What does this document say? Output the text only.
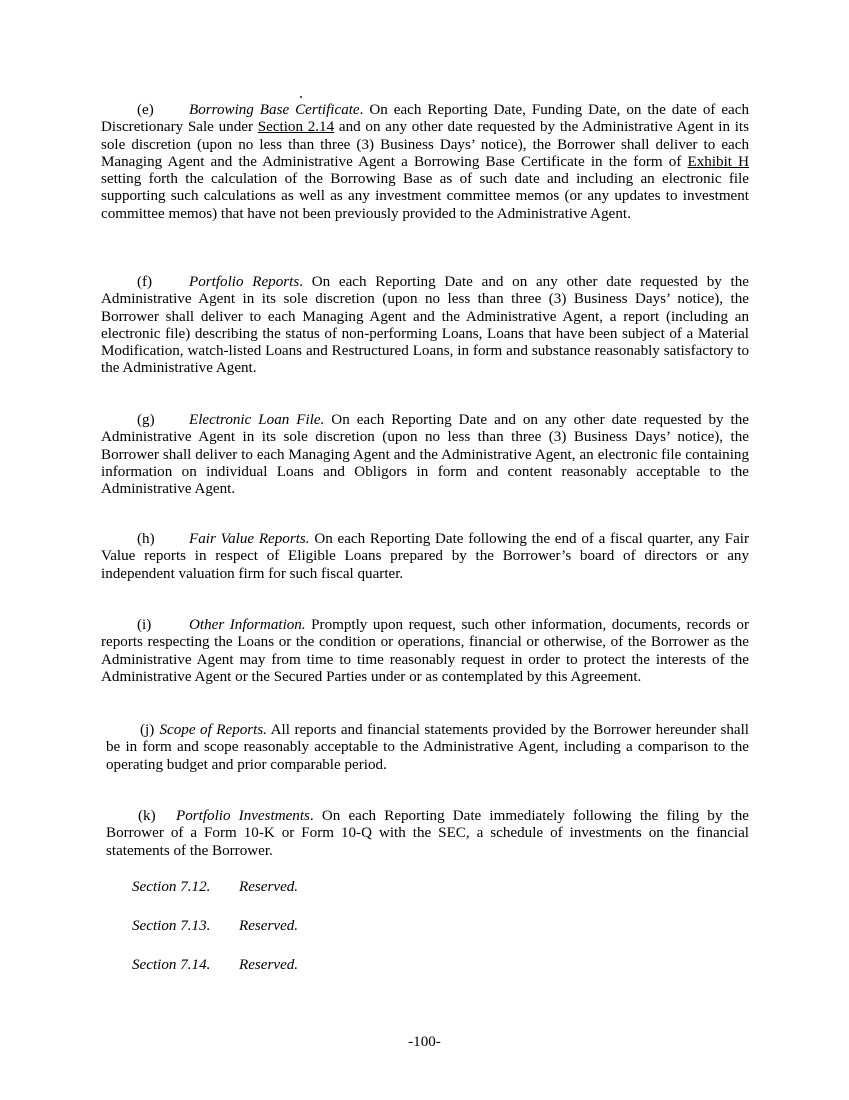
(e) Borrowing Base Certificate. On each Reporting Date, Funding Date, on the date of each Discretionary Sale under Section 2.14 and on any other date requested by the Administrative Agent in its sole discretion (upon no less than three (3) Business Days’ notice), the Borrower shall deliver to each Managing Agent and the Administrative Agent a Borrowing Base Certificate in the form of Exhibit H setting forth the calculation of the Borrowing Base as of such date and including an electronic file supporting such calculations as well as any investment committee memos (or any updates to investment committee memos) that have not been previously provided to the Administrative Agent.

(f) Portfolio Reports. On each Reporting Date and on any other date requested by the Administrative Agent in its sole discretion (upon no less than three (3) Business Days’ notice), the Borrower shall deliver to each Managing Agent and the Administrative Agent, a report (including an electronic file) describing the status of non-performing Loans, Loans that have been subject of a Material Modification, watch-listed Loans and Restructured Loans, in form and substance reasonably satisfactory to the Administrative Agent.

(g) Electronic Loan File. On each Reporting Date and on any other date requested by the Administrative Agent in its sole discretion (upon no less than three (3) Business Days’ notice), the Borrower shall deliver to each Managing Agent and the Administrative Agent, an electronic file containing information on individual Loans and Obligors in form and content reasonably acceptable to the Administrative Agent.

(h) Fair Value Reports. On each Reporting Date following the end of a fiscal quarter, any Fair Value reports in respect of Eligible Loans prepared by the Borrower’s board of directors or any independent valuation firm for such fiscal quarter.

(i)	Other Information. Promptly upon request, such other information, documents, records or reports respecting the Loans or the condition or operations, financial or otherwise, of the Borrower as the Administrative Agent may from time to time reasonably request in order to protect the interests of the Administrative Agent or the Secured Parties under or as contemplated by this Agreement.

(j) Scope of Reports. All reports and financial statements provided by the Borrower hereunder shall be in form and scope reasonably acceptable to the Administrative Agent, including a comparison to the operating budget and prior comparable period.

(k) Portfolio Investments. On each Reporting Date immediately following the filing by the Borrower of a Form 10-K or Form 10-Q with the SEC, a schedule of investments on the financial statements of the Borrower.

Section 7.12. Reserved.
Section 7.13. Reserved.
Section 7.14. Reserved.
-100-
